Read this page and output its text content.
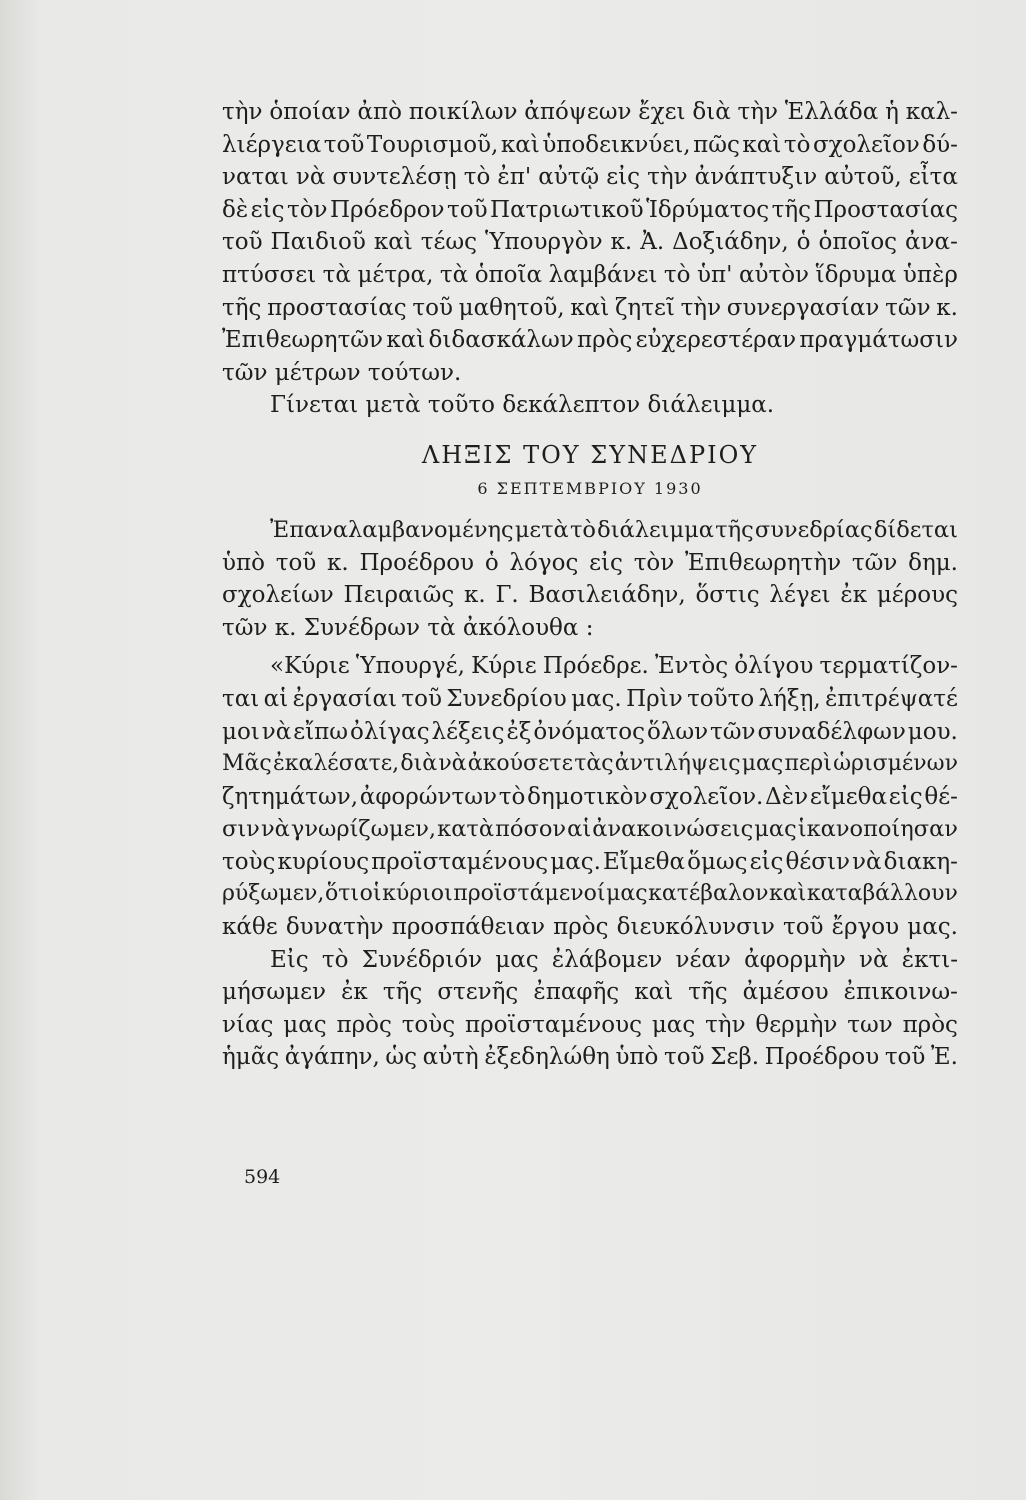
τὴν ὁποίαν ἀπὸ ποικίλων ἀπόψεων ἔχει διὰ τὴν Ἑλλάδα ἡ καλ-
λιέργεια τοῦ Τουρισμοῦ, καὶ ὑποδεικνύει, πῶς καὶ τὸ σχολεῖον δύ-
ναται νὰ συντελέσῃ τὸ ἐπ' αὐτῷ εἰς τὴν ἀνάπτυξιν αὐτοῦ, εἶτα
δὲ εἰς τὸν Πρόεδρον τοῦ Πατριωτικοῦ Ἱδρύματος τῆς Προστασίας
τοῦ Παιδιοῦ καὶ τέως Ὑπουργὸν κ. Ἀ. Δοξιάδην, ὁ ὁποῖος ἀνα-
πτύσσει τὰ μέτρα, τὰ ὁποῖα λαμβάνει τὸ ὑπ' αὐτὸν ἵδρυμα ὑπὲρ
τῆς προστασίας τοῦ μαθητοῦ, καὶ ζητεῖ τὴν συνεργασίαν τῶν κ.
Ἐπιθεωρητῶν καὶ διδασκάλων πρὸς εὐχερεστέραν πραγμάτωσιν
τῶν μέτρων τούτων.
Γίνεται μετὰ τοῦτο δεκάλεπτον διάλειμμα.
ΛΗΞΙΣ ΤΟΥ ΣΥΝΕΔΡΙΟΥ
6 ΣΕΠΤΕΜΒΡΙΟΥ 1930
Ἐπαναλαμβανομένης μετὰ τὸ διάλειμμα τῆς συνεδρίας δίδεται
ὑπὸ τοῦ κ. Προέδρου ὁ λόγος εἰς τὸν Ἐπιθεωρητὴν τῶν δημ.
σχολείων Πειραιῶς κ. Γ. Βασιλειάδην, ὅστις λέγει ἐκ μέρους
τῶν κ. Συνέδρων τὰ ἀκόλουθα :
«Κύριε Ὑπουργέ, Κύριε Πρόεδρε. Ἐντὸς ὀλίγου τερματίζον-
ται αἱ ἐργασίαι τοῦ Συνεδρίου μας. Πρὶν τοῦτο λήξῃ, ἐπιτρέψατέ
μοι νὰ εἴπω ὀλίγας λέξεις ἐξ ὀνόματος ὅλων τῶν συναδέλφων μου.
Μᾶς ἐκαλέσατε, διὰ νὰ ἀκούσετε τὰς ἀντιλήψεις μας περὶ ὡρισμένων
ζητημάτων, ἀφορώντων τὸ δημοτικὸν σχολεῖον. Δὲν εἴμεθα εἰς θέ-
σιν νὰ γνωρίζωμεν, κατὰ πόσον αἱ ἀνακοινώσεις μας ἱκανοποίησαν
τοὺς κυρίους προϊσταμένους μας. Εἴμεθα ὅμως εἰς θέσιν νὰ διακη-
ρύξωμεν, ὅτι οἱ κύριοι προϊστάμενοί μας κατέβαλον καὶ καταβάλλουν
κάθε δυνατὴν προσπάθειαν πρὸς διευκόλυνσιν τοῦ ἔργου μας.
Εἰς τὸ Συνέδριόν μας ἐλάβομεν νέαν ἀφορμὴν νὰ ἐκτι-
μήσωμεν ἐκ τῆς στενῆς ἐπαφῆς καὶ τῆς ἀμέσου ἐπικοινω-
νίας μας πρὸς τοὺς προϊσταμένους μας τὴν θερμὴν των πρὸς
ἡμᾶς ἀγάπην, ὡς αὐτὴ ἐξεδηλώθη ὑπὸ τοῦ Σεβ. Προέδρου τοῦ Ἐ.
594
